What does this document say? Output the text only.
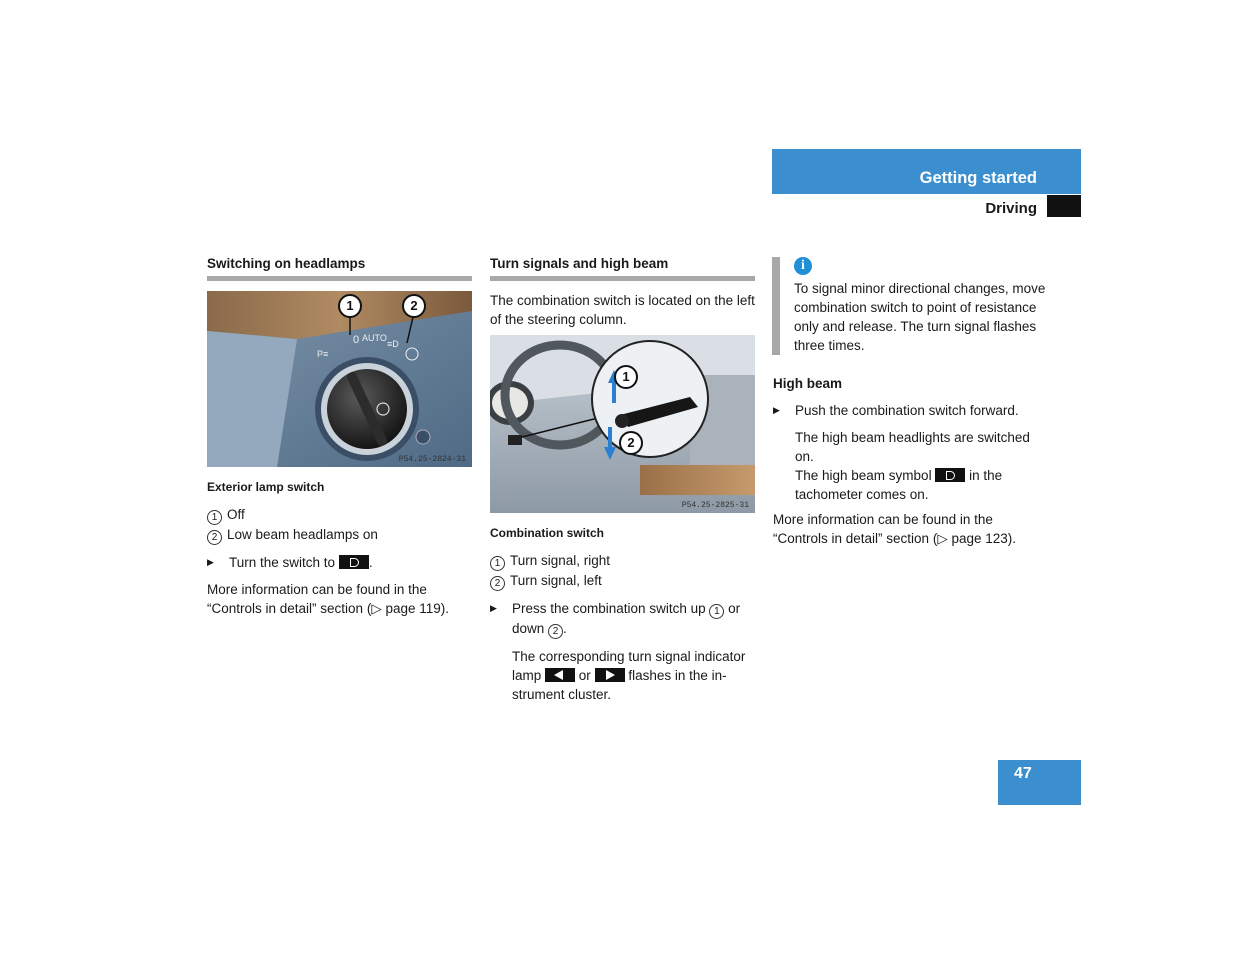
Getting started
Driving
Switching on headlamps
0 AUTO
P≡
≡D
1	2
P54.25-2824-31
Exterior lamp switch

1 Off

2 Low beam headlamps on

▶ Turn the switch to	.

More information can be found in the “Controls in detail” section (▷ page 119).

Turn signals and high beam

The combination switch is located on the left of the steering column.

1
2
P54.25-2825-31
Combination switch

1 Turn signal, right

2 Turn signal, left

▶ Press the combination switch up 1 or down 2 .
The corresponding turn signal indicator lamp	or	flashes in the instrument cluster.
i
To signal minor directional changes, move combination switch to point of resistance only and release. The turn signal flashes three times.
High beam
▶ Push the combination switch forward.
The high beam headlights are switched on.
The high beam symbol	in the tachometer comes on.

More information can be found in the “Controls in detail” section (▷ page 123).

47
